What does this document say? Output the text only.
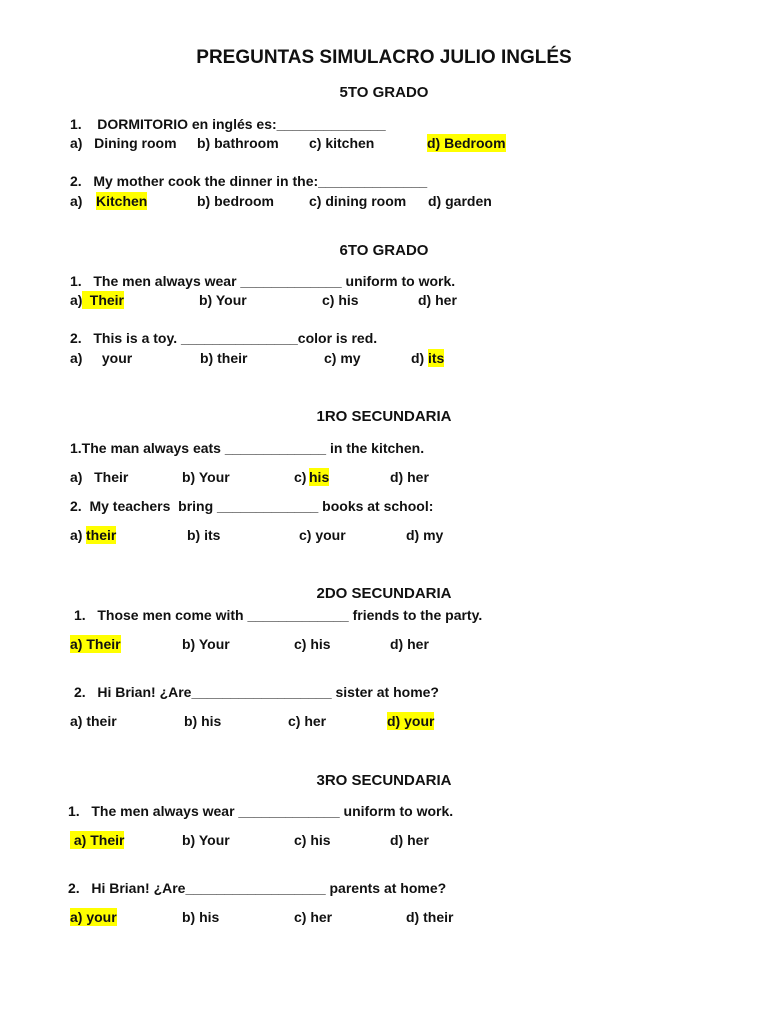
PREGUNTAS SIMULACRO JULIO INGLÉS
5TO GRADO
1.    DORMITORIO en inglés es:______________
a)   Dining room b) bathroom c) kitchen	d) Bedroom
2.   My mother cook the dinner in the:______________
a) Kitchen	b) bedroom	c) dining room d) garden
6TO GRADO
1.   The men always wear _____________ uniform to work.
a) Their	b) Your	c) his	d) her
2.   This is a toy. _______________color is red.
a)     your	b) their	c) my	d) its
1RO SECUNDARIA
1.The man always eats _____________ in the kitchen.
a)   Their	b) Your	c) his	d) her
2.  My teachers  bring _____________ books at school:
a) their	b) its	c) your	d) my
2DO SECUNDARIA
1.   Those men come with _____________ friends to the party.
a) Their	b) Your	c) his	d) her
2.   Hi Brian! ¿Are__________________ sister at home?
a) their	b) his	c) her	d) your
3RO SECUNDARIA
1.   The men always wear _____________ uniform to work.
a) Their	b) Your	c) his	d) her
2.   Hi Brian! ¿Are__________________ parents at home?
a) your	b) his	c) her	d) their
